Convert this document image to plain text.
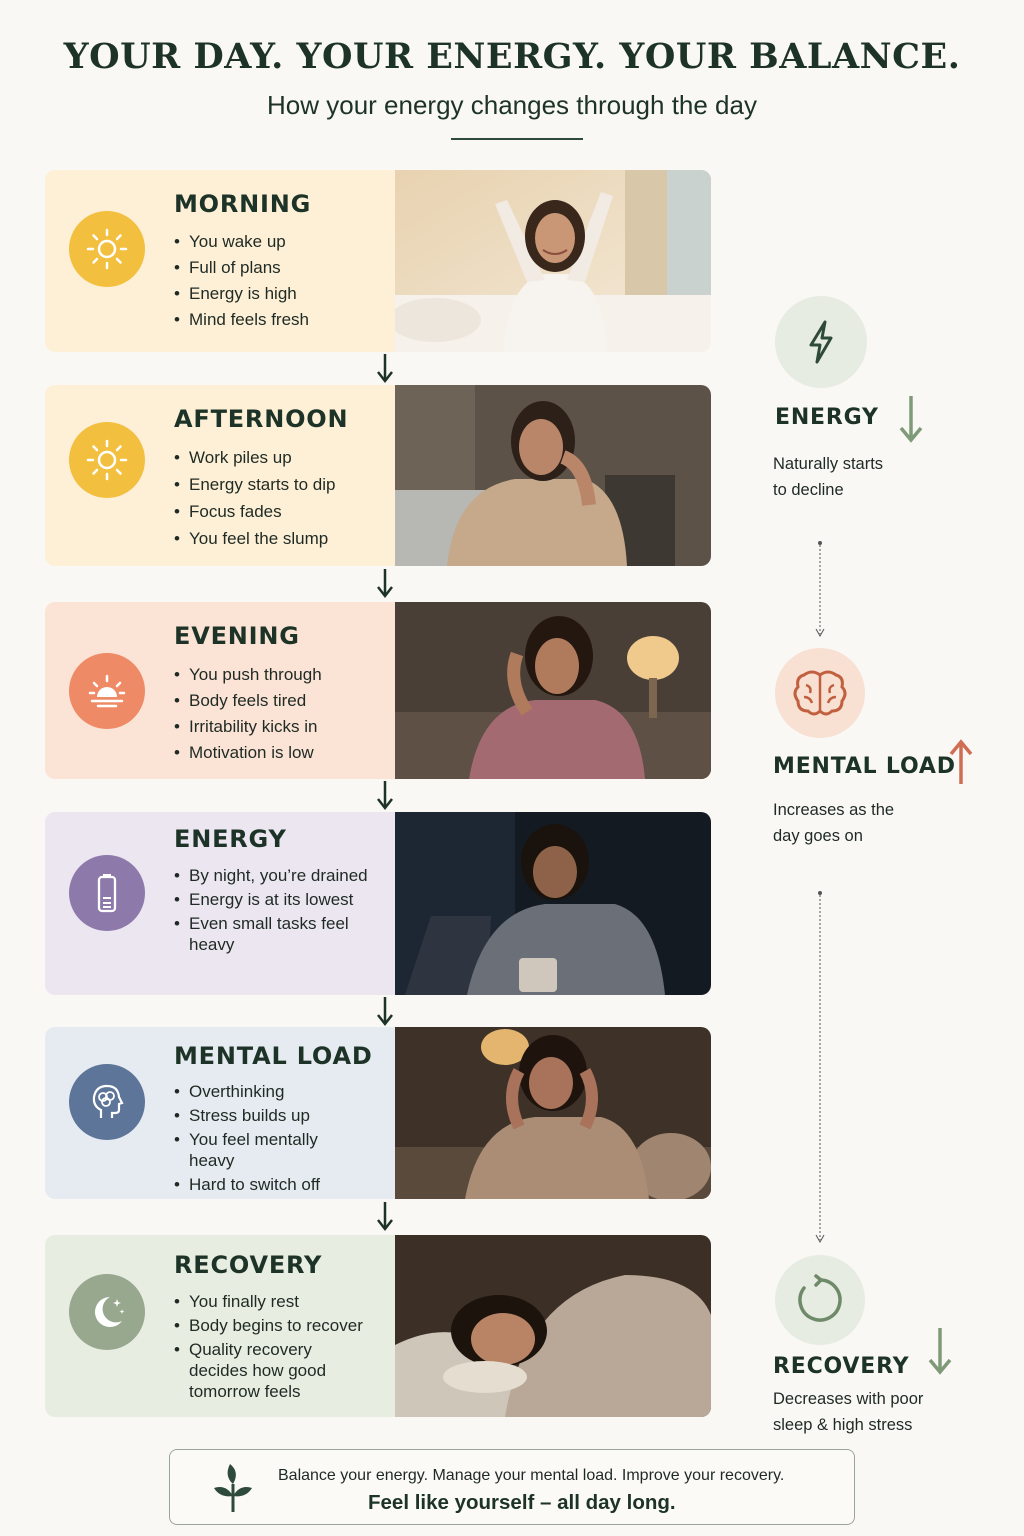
YOUR DAY. YOUR ENERGY. YOUR BALANCE.
How your energy changes through the day
MORNING
• You wake up
• Full of plans
• Energy is high
• Mind feels fresh
AFTERNOON
• Work piles up
• Energy starts to dip
• Focus fades
• You feel the slump
EVENING
• You push through
• Body feels tired
• Irritability kicks in
• Motivation is low
ENERGY
• By night, you’re drained
• Energy is at its lowest
• Even small tasks feel heavy
MENTAL LOAD
• Overthinking
• Stress builds up
• You feel mentally heavy
• Hard to switch off
RECOVERY
• You finally rest
• Body begins to recover
• Quality recovery decides how good tomorrow feels
ENERGY
Naturally starts to decline
MENTAL LOAD
Increases as the day goes on
RECOVERY
Decreases with poor sleep & high stress
Balance your energy. Manage your mental load. Improve your recovery.
Feel like yourself – all day long.
